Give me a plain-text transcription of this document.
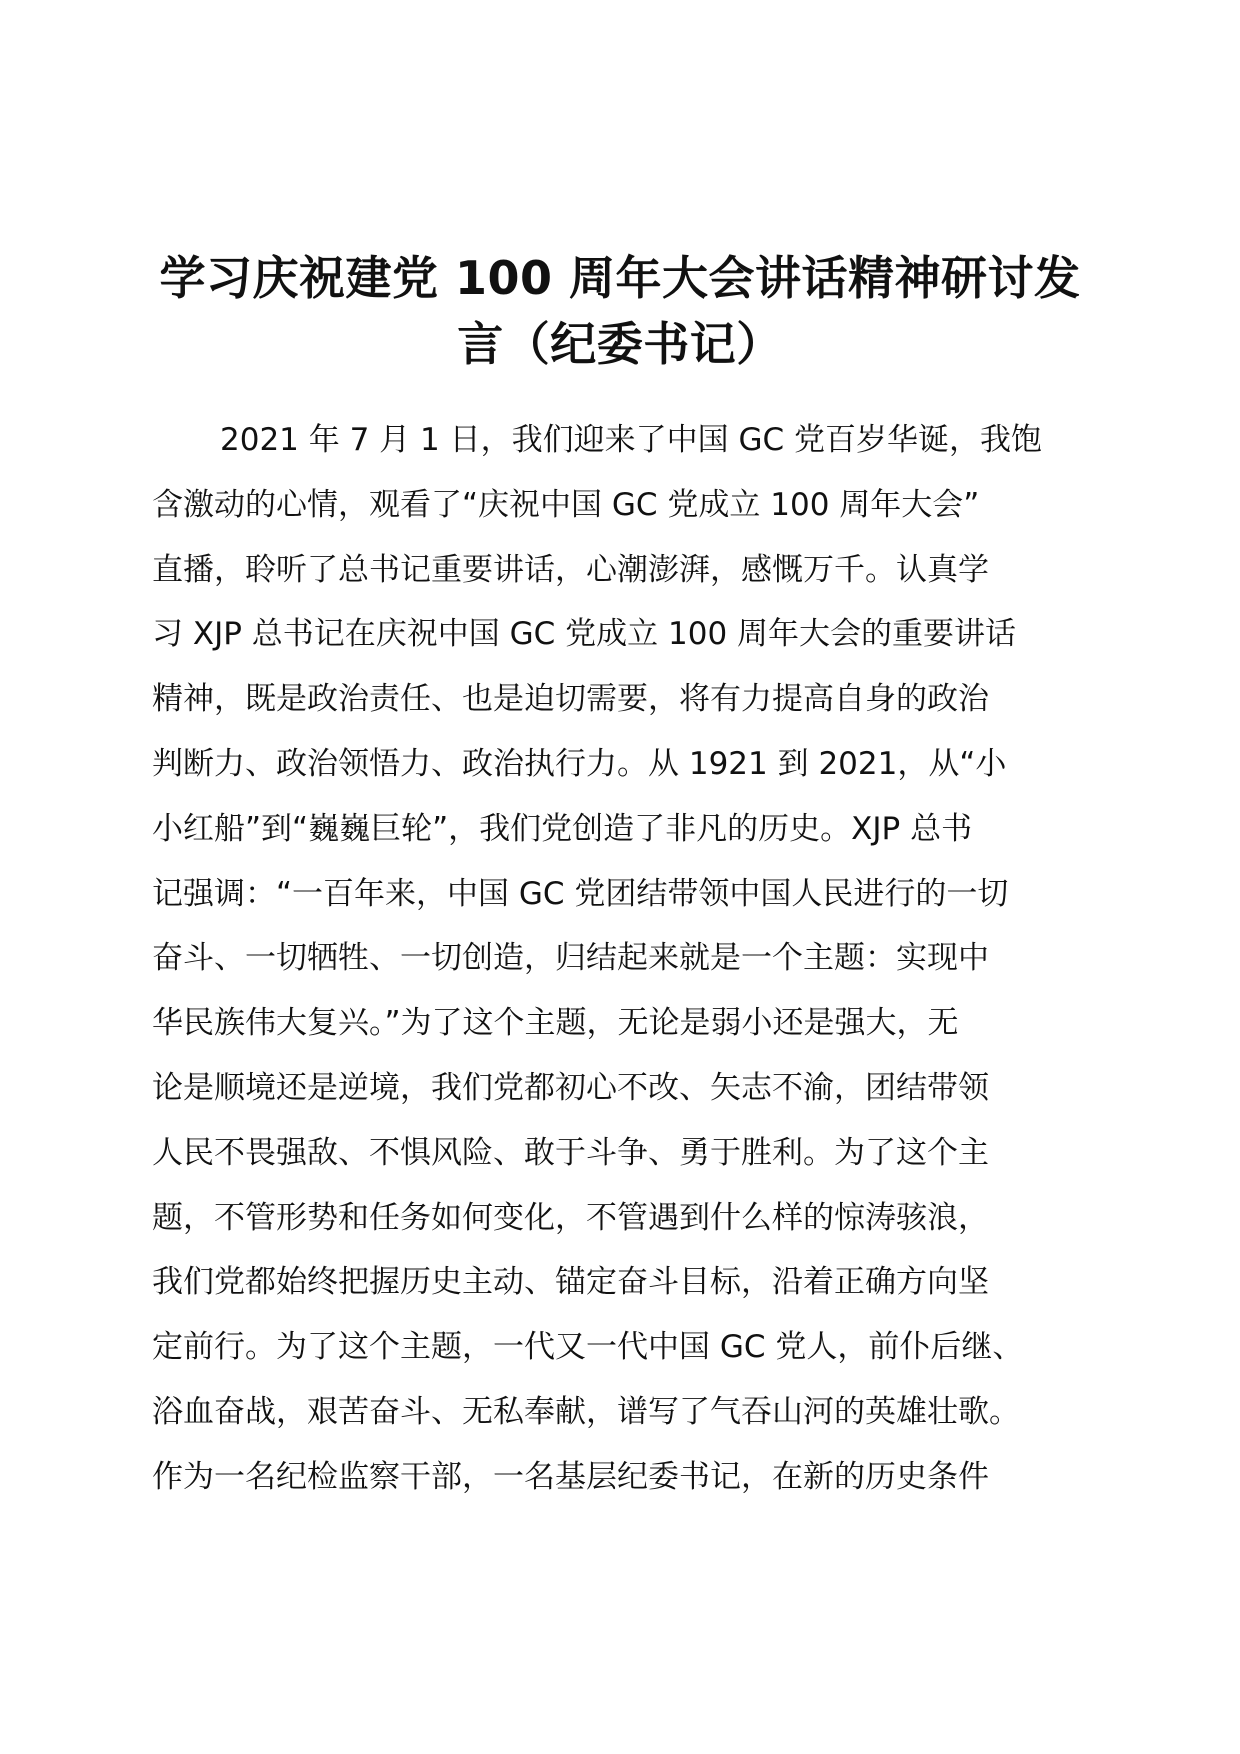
学习庆祝建党 100 周年大会讲话精神研讨发
言（纪委书记）
2021 年 7 月 1 日，我们迎来了中国 GC 党百岁华诞，我饱
含激动的心情，观看了“庆祝中国 GC 党成立 100 周年大会”
直播，聆听了总书记重要讲话，心潮澎湃，感慨万千。认真学
习 XJP 总书记在庆祝中国 GC 党成立 100 周年大会的重要讲话
精神，既是政治责任、也是迫切需要，将有力提高自身的政治
判断力、政治领悟力、政治执行力。从 1921 到 2021，从“小
小红船”到“巍巍巨轮”，我们党创造了非凡的历史。XJP 总书
记强调：“一百年来，中国 GC 党团结带领中国人民进行的一切
奋斗、一切牺牲、一切创造，归结起来就是一个主题：实现中
华民族伟大复兴。”为了这个主题，无论是弱小还是强大，无
论是顺境还是逆境，我们党都初心不改、矢志不渝，团结带领
人民不畏强敌、不惧风险、敢于斗争、勇于胜利。为了这个主
题，不管形势和任务如何变化，不管遇到什么样的惊涛骇浪，
我们党都始终把握历史主动、锚定奋斗目标，沿着正确方向坚
定前行。为了这个主题，一代又一代中国 GC 党人，前仆后继、
浴血奋战，艰苦奋斗、无私奉献，谱写了气吞山河的英雄壮歌。
作为一名纪检监察干部，一名基层纪委书记，在新的历史条件
